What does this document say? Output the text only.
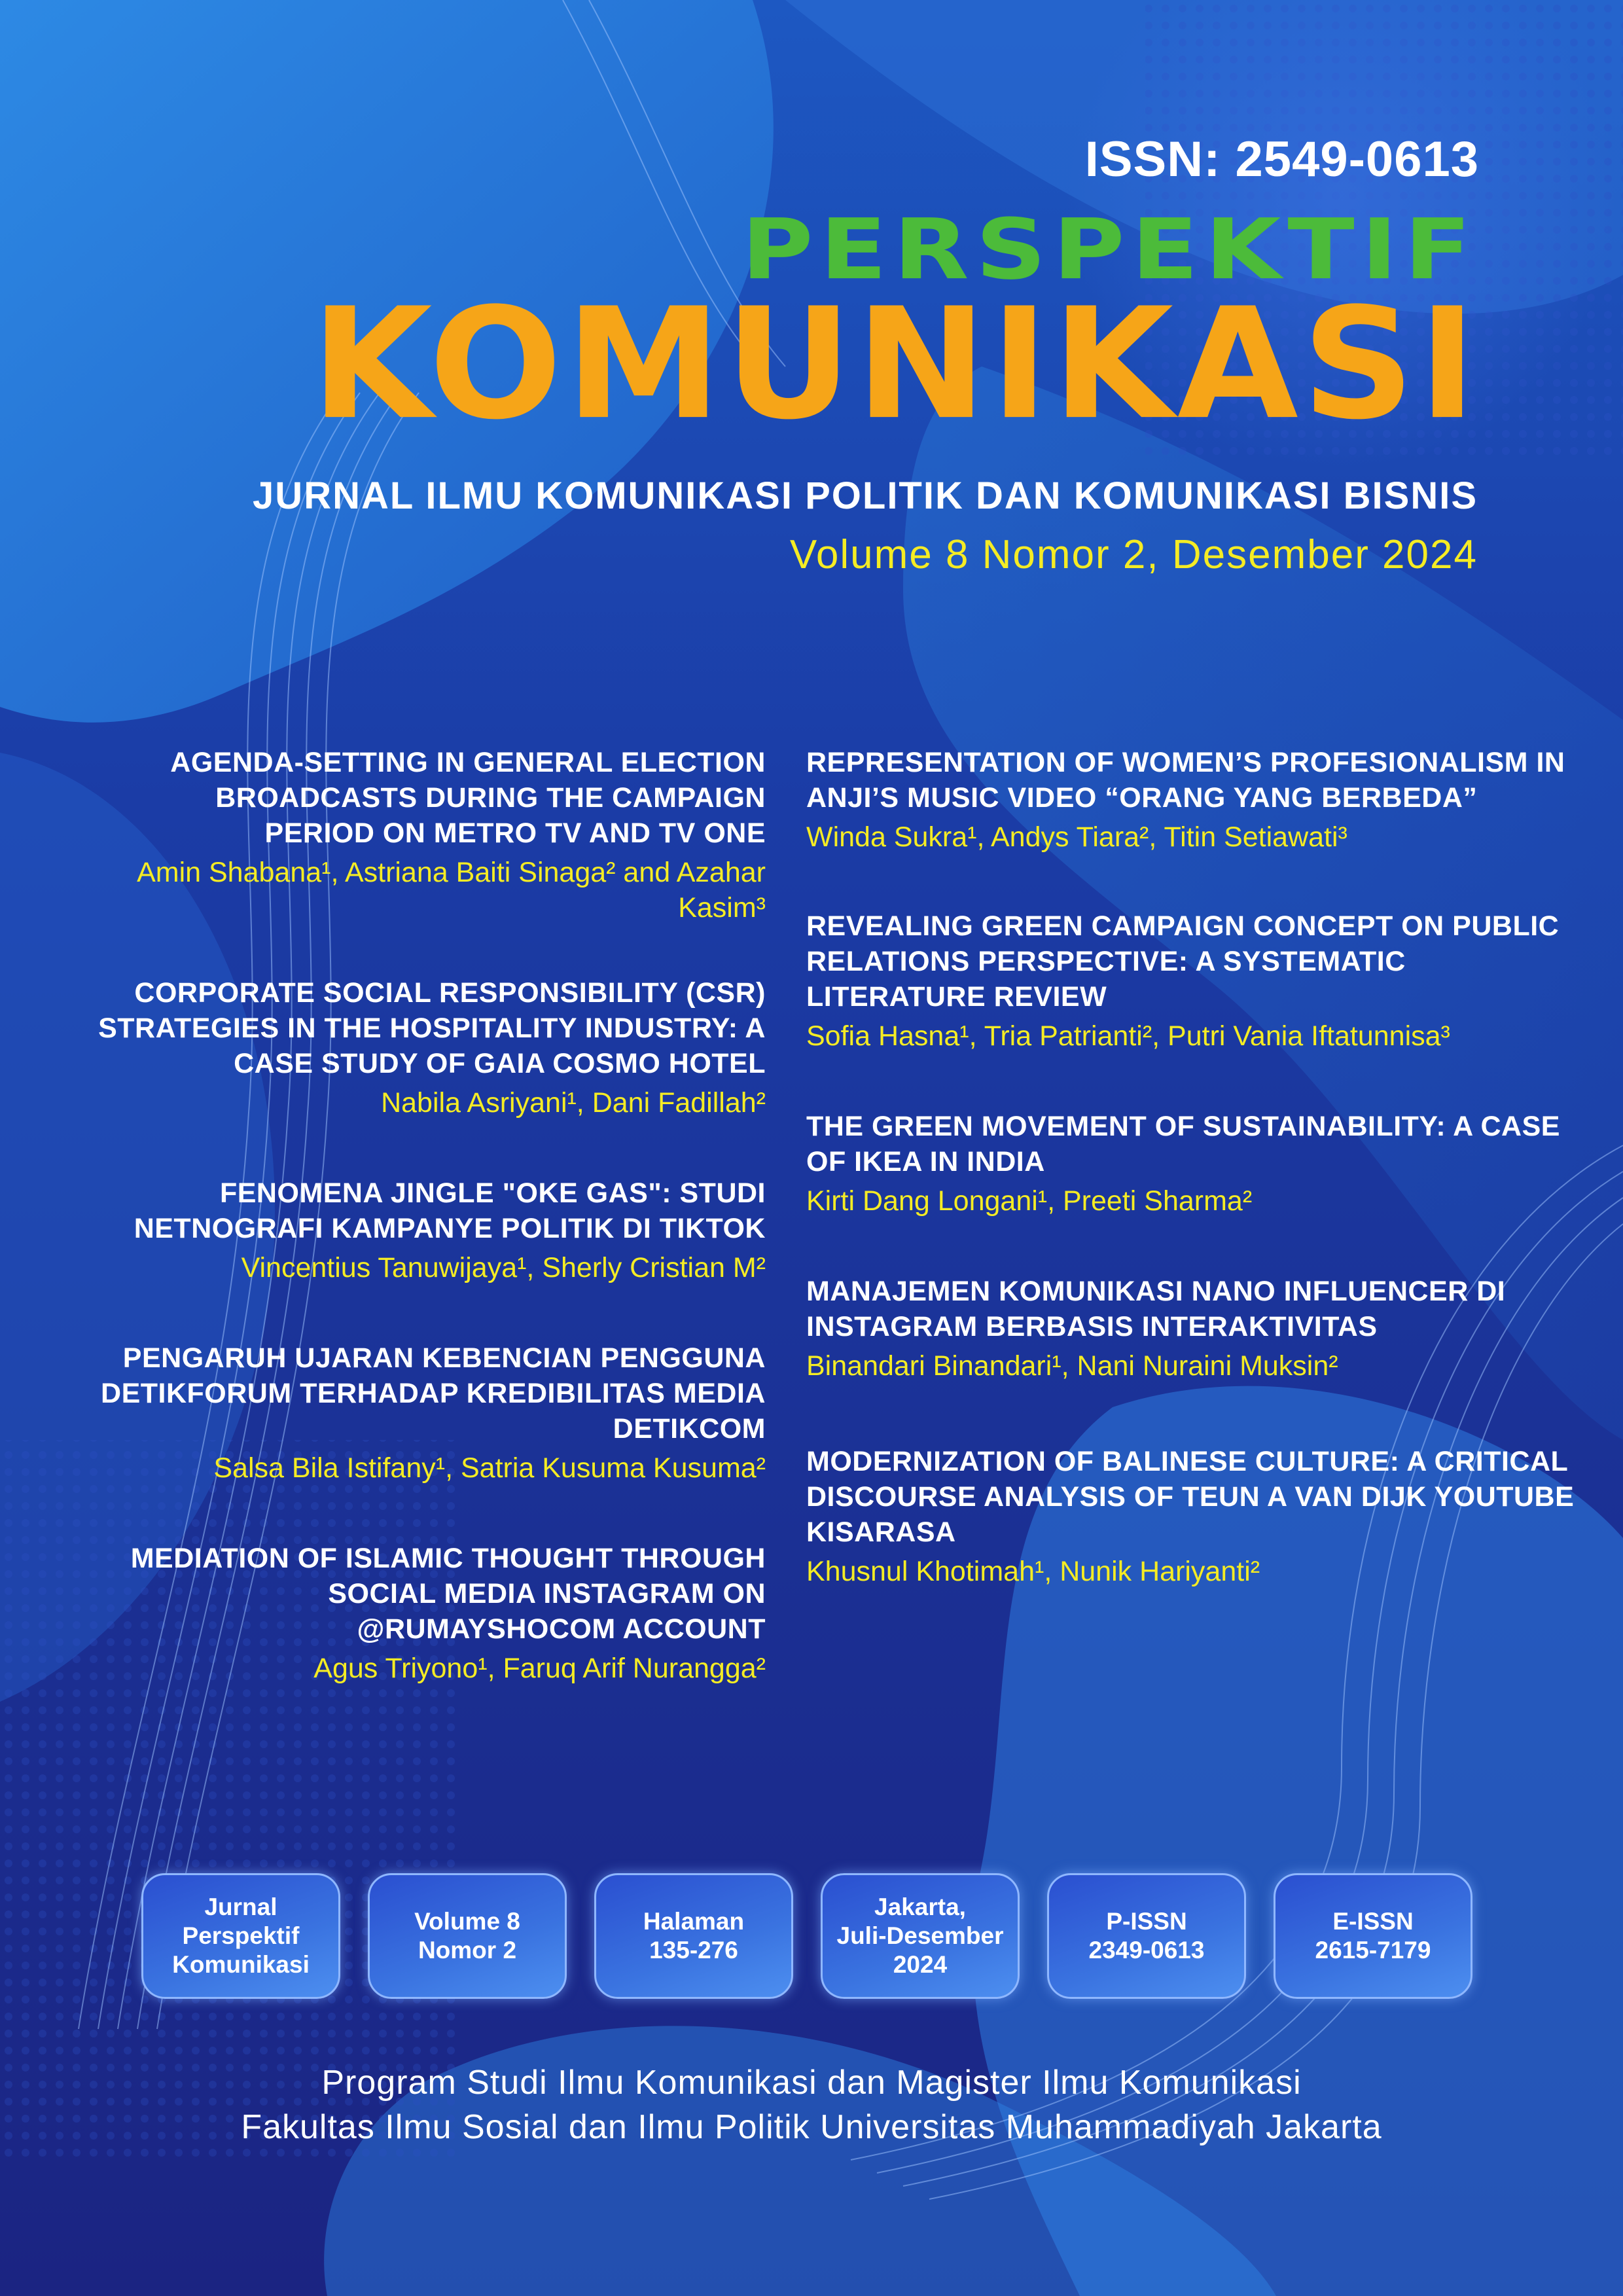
ISSN: 2549-0613
PERSPEKTIF
KOMUNIKASI
JURNAL ILMU KOMUNIKASI POLITIK DAN KOMUNIKASI BISNIS
Volume 8 Nomor 2, Desember 2024
AGENDA-SETTING IN GENERAL ELECTION BROADCASTS DURING THE CAMPAIGN PERIOD ON METRO TV AND TV ONE
Amin Shabana¹, Astriana Baiti Sinaga² and Azahar Kasim³
CORPORATE SOCIAL RESPONSIBILITY (CSR) STRATEGIES IN THE HOSPITALITY INDUSTRY: A CASE STUDY OF GAIA COSMO HOTEL
Nabila Asriyani¹, Dani Fadillah²
FENOMENA JINGLE "OKE GAS": STUDI NETNOGRAFI KAMPANYE POLITIK DI TIKTOK
Vincentius Tanuwijaya¹, Sherly Cristian M²
PENGARUH UJARAN KEBENCIAN PENGGUNA DETIKFORUM TERHADAP KREDIBILITAS MEDIA DETIKCOM
Salsa Bila Istifany¹, Satria Kusuma Kusuma²
MEDIATION OF ISLAMIC THOUGHT THROUGH SOCIAL MEDIA INSTAGRAM ON @RUMAYSHOCOM ACCOUNT
Agus Triyono¹, Faruq Arif Nurangga²
REPRESENTATION OF WOMEN’S PROFESIONALISM IN ANJI’S MUSIC VIDEO “ORANG YANG BERBEDA”
Winda Sukra¹, Andys Tiara², Titin Setiawati³
REVEALING GREEN CAMPAIGN CONCEPT ON PUBLIC RELATIONS PERSPECTIVE: A SYSTEMATIC LITERATURE REVIEW
Sofia Hasna¹, Tria Patrianti², Putri Vania Iftatunnisa³
THE GREEN MOVEMENT OF SUSTAINABILITY: A CASE OF IKEA IN INDIA
Kirti Dang Longani¹, Preeti Sharma²
MANAJEMEN KOMUNIKASI NANO INFLUENCER DI INSTAGRAM BERBASIS INTERAKTIVITAS
Binandari Binandari¹, Nani Nuraini Muksin²
MODERNIZATION OF BALINESE CULTURE: A CRITICAL DISCOURSE ANALYSIS OF TEUN A VAN DIJK YOUTUBE KISARASA
Khusnul Khotimah¹, Nunik Hariyanti²
Jurnal
Perspektif
Komunikasi
Volume 8
Nomor 2
Halaman
135-276
Jakarta,
Juli-Desember
2024
P-ISSN
2349-0613
E-ISSN
2615-7179
Program Studi Ilmu Komunikasi dan Magister Ilmu Komunikasi
Fakultas Ilmu Sosial dan Ilmu Politik Universitas Muhammadiyah Jakarta
